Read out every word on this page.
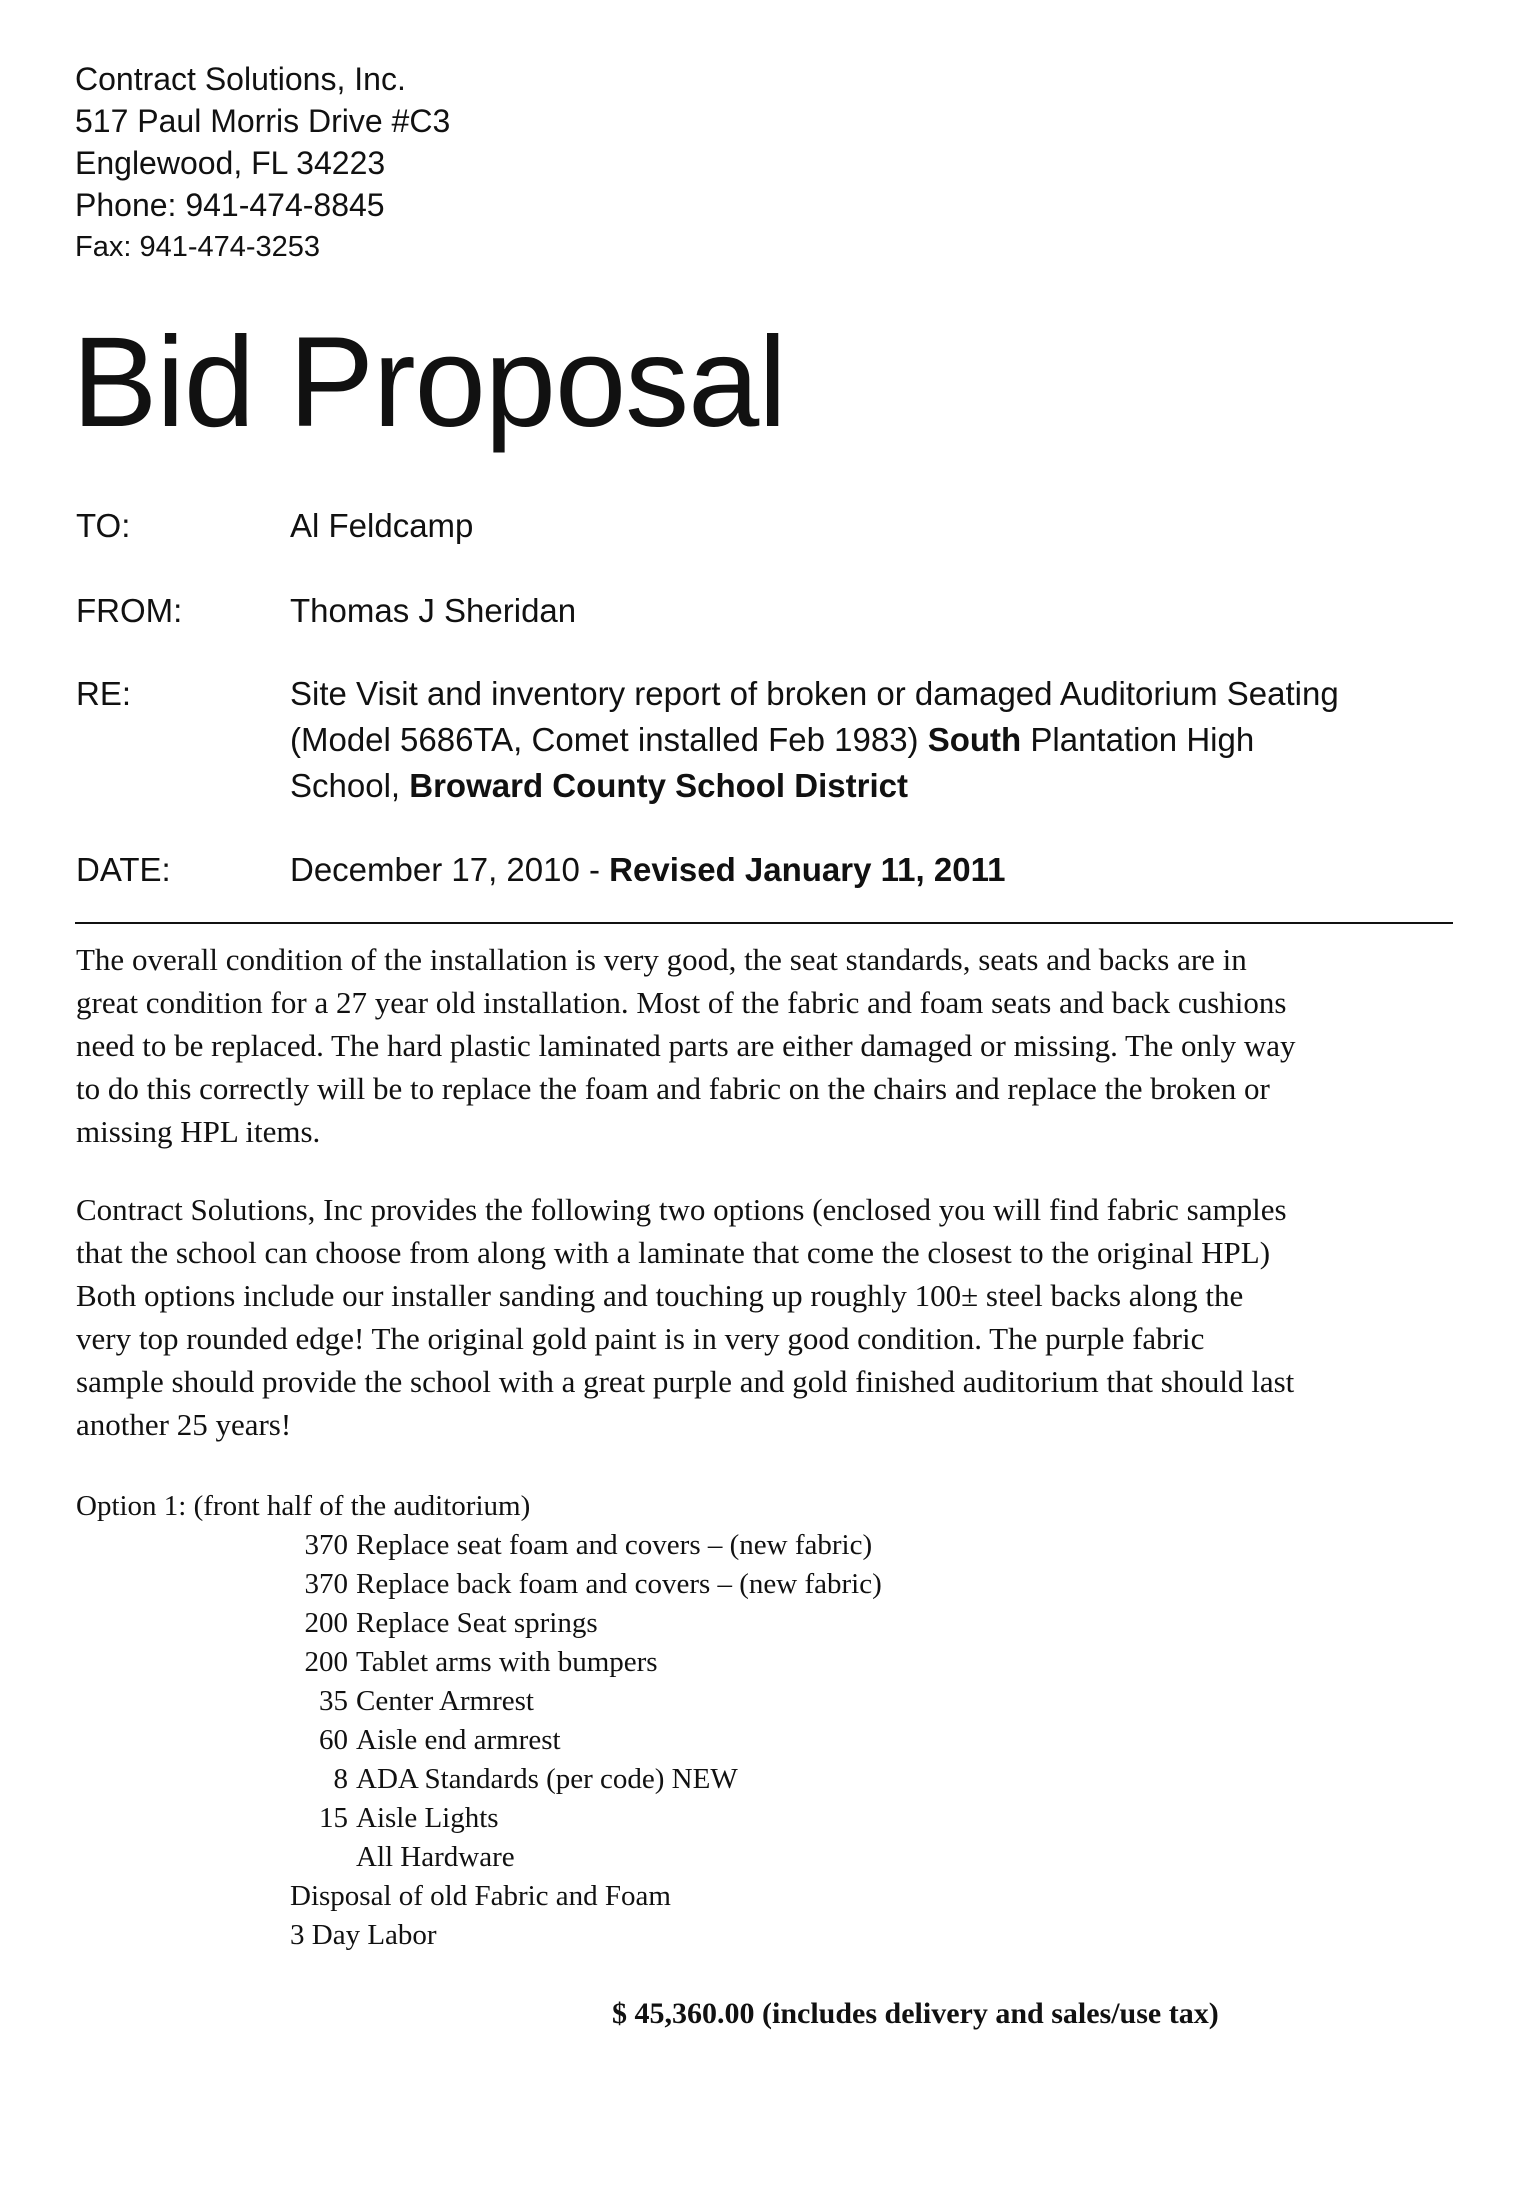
Contract Solutions, Inc.
517 Paul Morris Drive #C3
Englewood, FL 34223
Phone: 941-474-8845
Fax: 941-474-3253
Bid Proposal
TO:	Al Feldcamp
FROM:	Thomas J Sheridan
RE:	Site Visit and inventory report of broken or damaged Auditorium Seating
(Model 5686TA, Comet installed Feb 1983) South Plantation High
School, Broward County School District
DATE:	December 17, 2010 - Revised January 11, 2011
The overall condition of the installation is very good, the seat standards, seats and backs are in
great condition for a 27 year old installation. Most of the fabric and foam seats and back cushions
need to be replaced. The hard plastic laminated parts are either damaged or missing. The only way
to do this correctly will be to replace the foam and fabric on the chairs and replace the broken or
missing HPL items.
Contract Solutions, Inc provides the following two options (enclosed you will find fabric samples
that the school can choose from along with a laminate that come the closest to the original HPL)
Both options include our installer sanding and touching up roughly 100± steel backs along the
very top rounded edge! The original gold paint is in very good condition. The purple fabric
sample should provide the school with a great purple and gold finished auditorium that should last
another 25 years!
Option 1: (front half of the auditorium)
370 Replace seat foam and covers – (new fabric)
370 Replace back foam and covers – (new fabric)
200 Replace Seat springs
200 Tablet arms with bumpers
35 Center Armrest
60 Aisle end armrest
8 ADA Standards (per code) NEW
15 Aisle Lights
All Hardware
Disposal of old Fabric and Foam
3 Day Labor
$ 45,360.00 (includes delivery and sales/use tax)
